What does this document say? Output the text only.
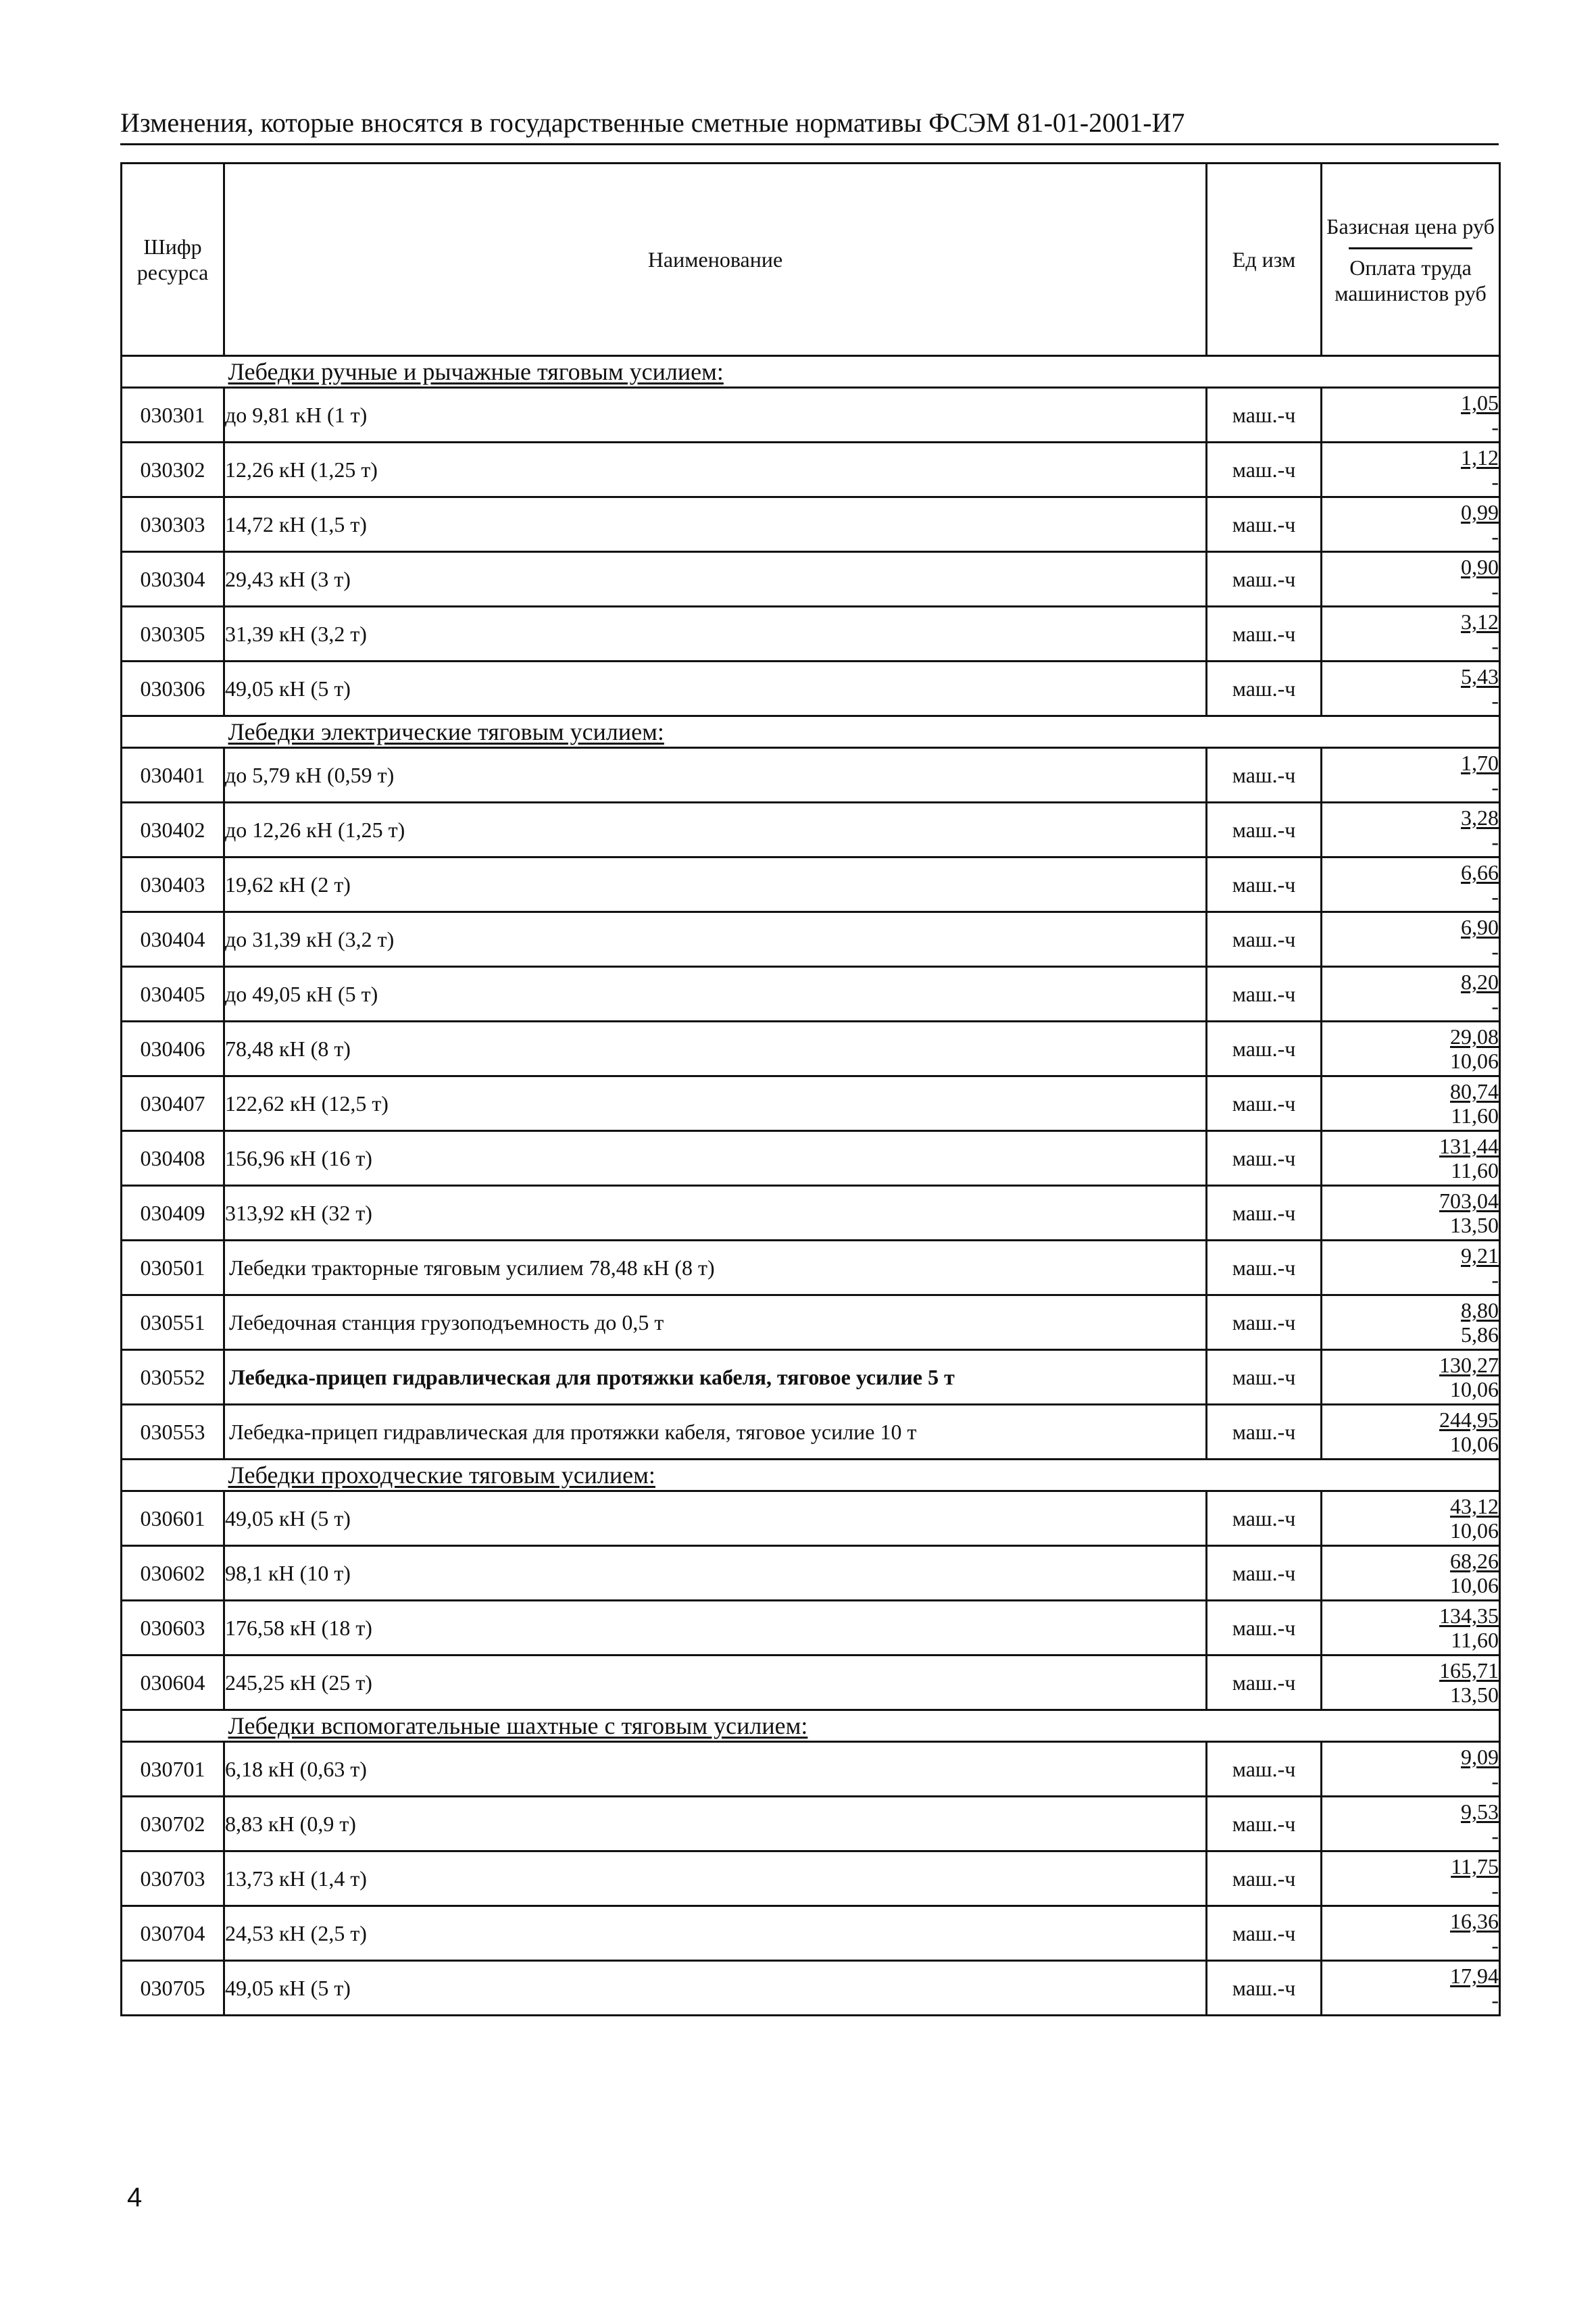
Изменения, которые вносятся в государственные сметные нормативы ФСЭМ 81-01-2001-И7
Шифр ресурса	Наименование	Ед изм	Базисная цена руб
Оплата труда машинистов руб

	Лебедки ручные и рычажные тяговым усилием:		
030301	до 9,81 кН (1 т)	маш.-ч	1,05
-

030302	12,26 кН (1,25 т)	маш.-ч	1,12
-

030303	14,72 кН (1,5 т)	маш.-ч	0,99
-

030304	29,43 кН (3 т)	маш.-ч	0,90
-

030305	31,39 кН (3,2 т)	маш.-ч	3,12
-

030306	49,05 кН (5 т)	маш.-ч	5,43
-

	Лебедки электрические тяговым усилием:		
030401	до 5,79 кН (0,59 т)	маш.-ч	1,70
-

030402	до 12,26 кН (1,25 т)	маш.-ч	3,28
-

030403	19,62 кН (2 т)	маш.-ч	6,66
-

030404	до 31,39 кН (3,2 т)	маш.-ч	6,90
-

030405	до 49,05 кН (5 т)	маш.-ч	8,20
-

030406	78,48 кН (8 т)	маш.-ч	29,08
10,06

030407	122,62 кН (12,5 т)	маш.-ч	80,74
11,60

030408	156,96 кН (16 т)	маш.-ч	131,44
11,60

030409	313,92 кН (32 т)	маш.-ч	703,04
13,50

030501	Лебедки тракторные тяговым усилием 78,48 кН (8 т)	маш.-ч	9,21
-

030551	Лебедочная станция грузоподъемность до 0,5 т	маш.-ч	8,80
5,86

030552	Лебедка-прицеп гидравлическая для протяжки кабеля, тяговое усилие 5 т	маш.-ч	130,27
10,06

030553	Лебедка-прицеп гидравлическая для протяжки кабеля, тяговое усилие 10 т	маш.-ч	244,95
10,06

	Лебедки проходческие тяговым усилием:		
030601	49,05 кН (5 т)	маш.-ч	43,12
10,06

030602	98,1 кН (10 т)	маш.-ч	68,26
10,06

030603	176,58 кН (18 т)	маш.-ч	134,35
11,60

030604	245,25 кН (25 т)	маш.-ч	165,71
13,50

	Лебедки вспомогательные шахтные с тяговым усилием:		
030701	6,18 кН (0,63 т)	маш.-ч	9,09
-

030702	8,83 кН (0,9 т)	маш.-ч	9,53
-

030703	13,73 кН (1,4 т)	маш.-ч	11,75
-

030704	24,53 кН (2,5 т)	маш.-ч	16,36
-

030705	49,05 кН (5 т)	маш.-ч	17,94
-
4
